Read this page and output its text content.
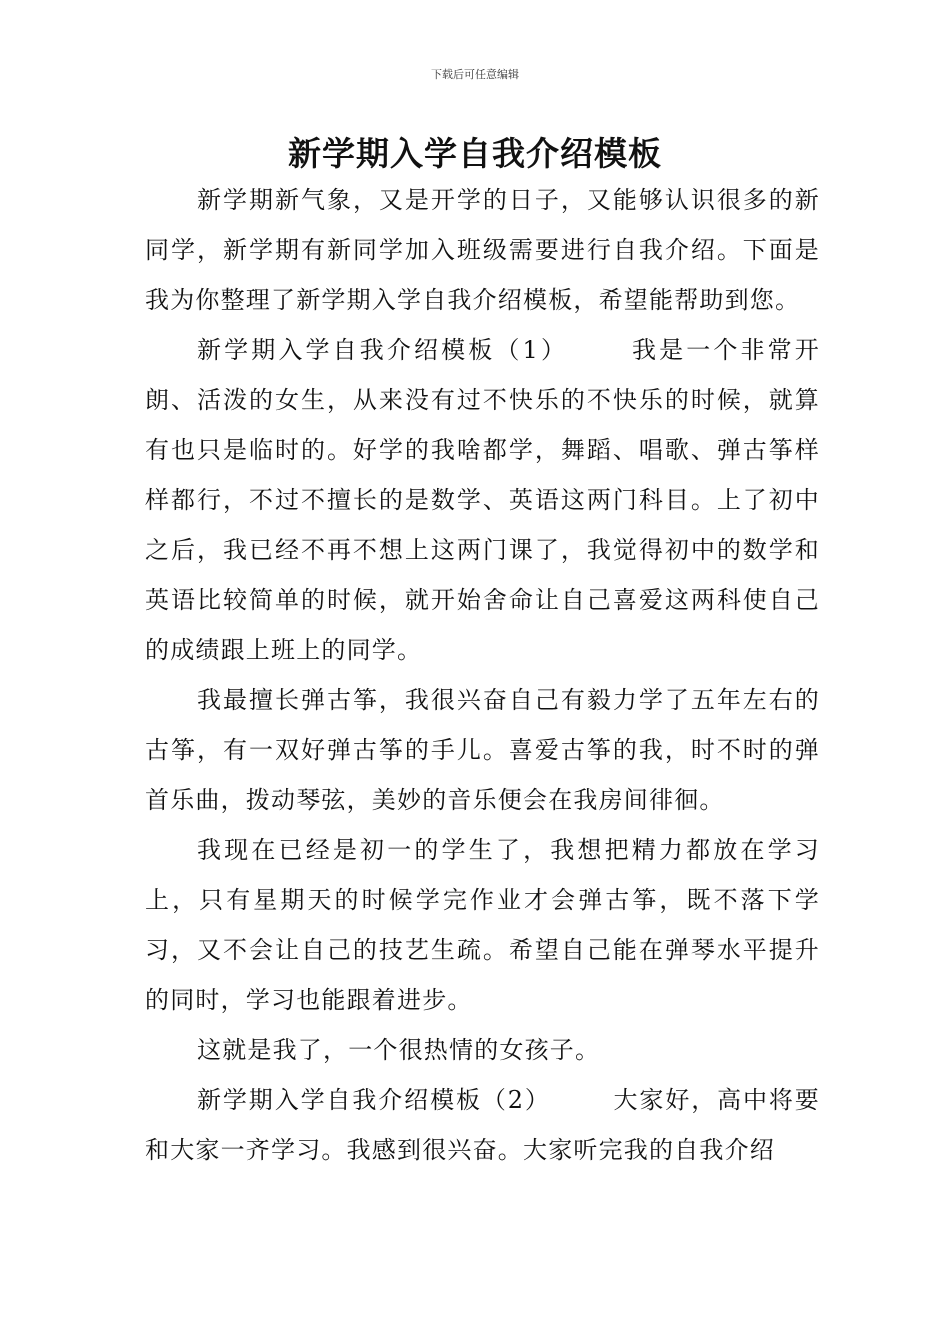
下载后可任意编辑
新学期入学自我介绍模板

新学期新气象，又是开学的日子，又能够认识很多的新同学，新学期有新同学加入班级需要进行自我介绍。下面是我为你整理了新学期入学自我介绍模板，希望能帮助到您。

新学期入学自我介绍模板（1）	我是一个非常开朗、活泼的女生，从来没有过不快乐的不快乐的时候，就算有也只是临时的。好学的我啥都学，舞蹈、唱歌、弹古筝样样都行，不过不擅长的是数学、英语这两门科目。上了初中之后，我已经不再不想上这两门课了，我觉得初中的数学和英语比较简单的时候，就开始舍命让自己喜爱这两科使自己的成绩跟上班上的同学。

我最擅长弹古筝，我很兴奋自己有毅力学了五年左右的古筝，有一双好弹古筝的手儿。喜爱古筝的我，时不时的弹首乐曲，拨动琴弦，美妙的音乐便会在我房间徘徊。

我现在已经是初一的学生了，我想把精力都放在学习上，只有星期天的时候学完作业才会弹古筝，既不落下学习，又不会让自己的技艺生疏。希望自己能在弹琴水平提升的同时，学习也能跟着进步。

这就是我了，一个很热情的女孩子。

新学期入学自我介绍模板（2）	大家好，高中将要和大家一齐学习。我感到很兴奋。大家听完我的自我介绍
